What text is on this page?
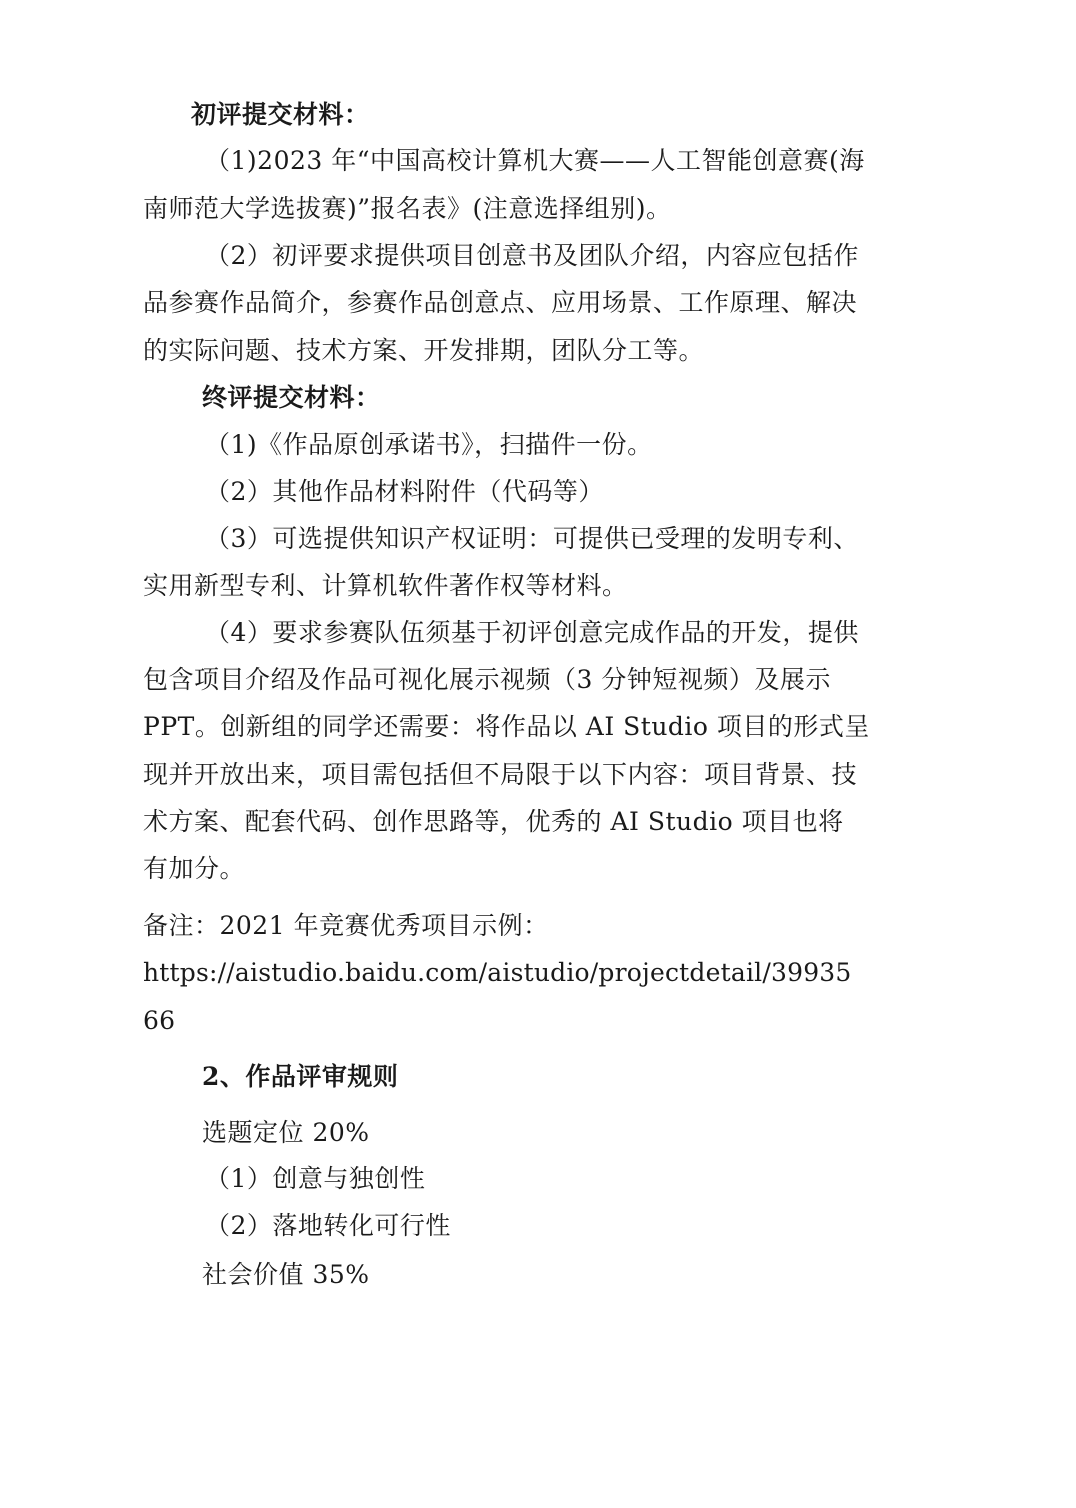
初评提交材料：
（1)2023 年“中国高校计算机大赛——人工智能创意赛(海
南师范大学选拔赛)”报名表》(注意选择组别)。
（2）初评要求提供项目创意书及团队介绍，内容应包括作
品参赛作品简介，参赛作品创意点、应用场景、工作原理、解决
的实际问题、技术方案、开发排期，团队分工等。
终评提交材料：
（1)《作品原创承诺书》，扫描件一份。
（2）其他作品材料附件（代码等）
（3）可选提供知识产权证明：可提供已受理的发明专利、
实用新型专利、计算机软件著作权等材料。
（4）要求参赛队伍须基于初评创意完成作品的开发，提供
包含项目介绍及作品可视化展示视频（3 分钟短视频）及展示
PPT。创新组的同学还需要：将作品以 AI Studio 项目的形式呈
现并开放出来，项目需包括但不局限于以下内容：项目背景、技
术方案、配套代码、创作思路等，优秀的 AI Studio 项目也将
有加分。
备注：2021 年竞赛优秀项目示例：
https://aistudio.baidu.com/aistudio/projectdetail/39935
66
2、作品评审规则
选题定位 20%
（1）创意与独创性
（2）落地转化可行性
社会价值 35%
